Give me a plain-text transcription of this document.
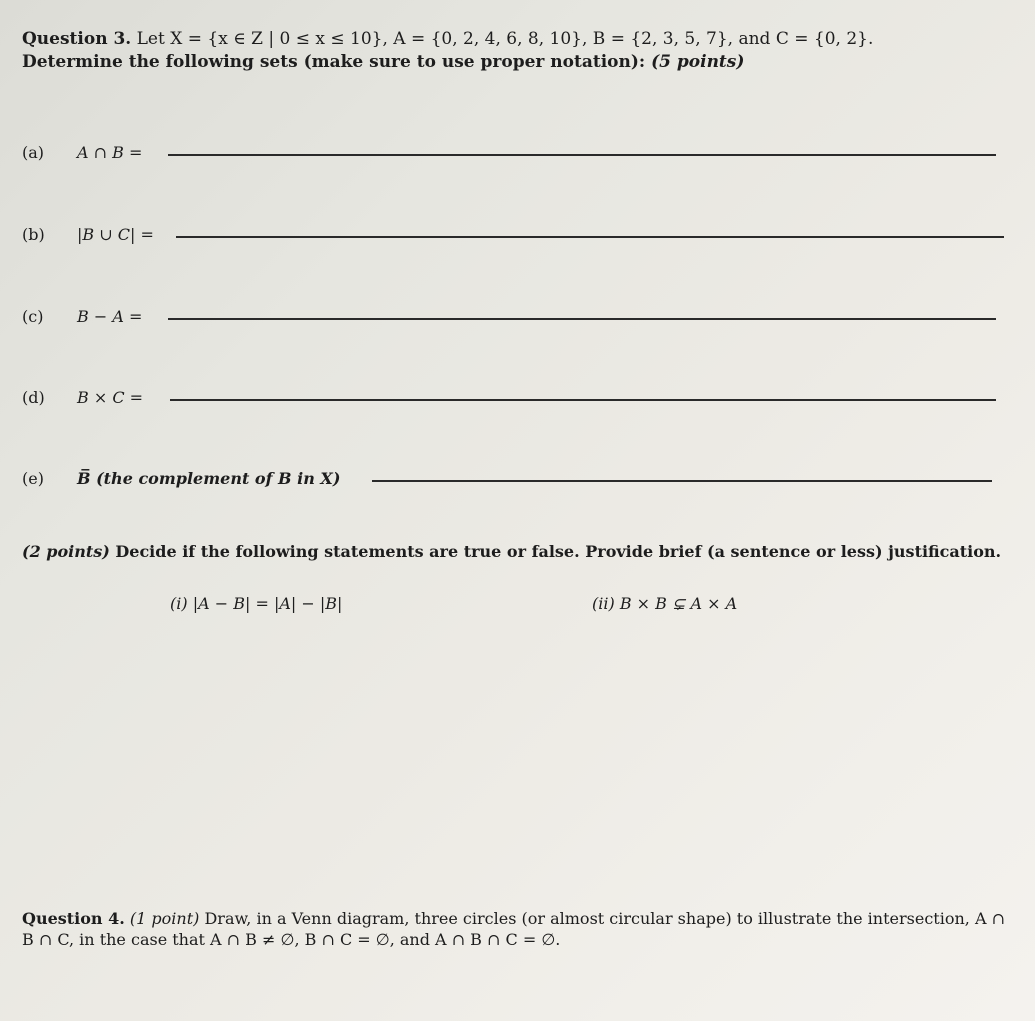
Question 3. Let X = {x ∈ Z | 0 ≤ x ≤ 10}, A = {0, 2, 4, 6, 8, 10}, B = {2, 3, 5, 7}, and C = {0, 2}.
Determine the following sets (make sure to use proper notation): (5 points)
(a)	A ∩ B =
(b)	|B ∪ C| =
(c)	B − A =
(d)	B × C =
(e)	B̅ (the complement of B in X)
(2 points) Decide if the following statements are true or false. Provide brief (a sentence or less) justification.
(i) |A − B| = |A| − |B|	(ii) B × B ⊊ A × A
Question 4. (1 point) Draw, in a Venn diagram, three circles (or almost circular shape) to illustrate the intersection, A ∩ B ∩ C, in the case that A ∩ B ≠ ∅, B ∩ C = ∅, and A ∩ B ∩ C = ∅.
